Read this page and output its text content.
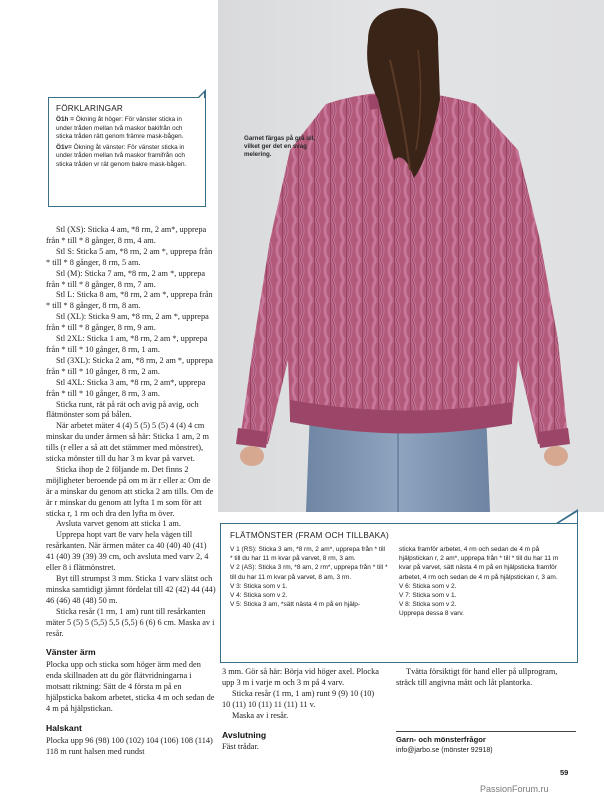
Garnet färgas på grå ull, vilket ger det en svag melering.
FÖRKLARINGAR
Ö1h = Ökning åt höger: För vänster sticka in under tråden mellan två maskor bakifrån och sticka tråden rätt genom främre mask-bågen.
Ö1v= Ökning åt vänster: För vänster sticka in under tråden mellan två maskor framifrån och sticka tråden vr rät genom bakre mask-bågen.

Stl (XS): Sticka 4 am, *8 rm, 2 am*, upprepa från * till * 8 gånger, 8 rm, 4 am.

Stl S: Sticka 5 am, *8 rm, 2 am *, upprepa från * till * 8 gånger, 8 rm, 5 am.

Stl (M): Sticka 7 am, *8 rm, 2 am *, upprepa från * till * 8 gånger, 8 rm, 7 am.

Stl L: Sticka 8 am, *8 rm, 2 am *, upprepa från * till * 8 gånger, 8 rm, 8 am.

Stl (XL): Sticka 9 am, *8 rm, 2 am *, upprepa från * till * 8 gånger, 8 rm, 9 am.

Stl 2XL: Sticka 1 am, *8 rm, 2 am *, upprepa från * till * 10 gånger, 8 rm, 1 am.

Stl (3XL): Sticka 2 am, *8 rm, 2 am *, upprepa från * till * 10 gånger, 8 rm, 2 am.

Stl 4XL: Sticka 3 am, *8 rm, 2 am*, upprepa från * till * 10 gånger, 8 rm, 3 am.

Sticka runt, rät på rät och avig på avig, och flätmönster som på bålen.

När arbetet mäter 4 (4) 5 (5) 5 (5) 4 (4) 4 cm minskar du under ärmen så här: Sticka 1 am, 2 m tills (r eller a så att det stämmer med mönstret), sticka mönster till du har 3 m kvar på varvet.

Sticka ihop de 2 följande m. Det finns 2 möjligheter beroende på om m är r eller a: Om de är a minskar du genom att sticka 2 am tills. Om de är r minskar du genom att lyfta 1 m som för att sticka r, 1 rm och dra den lyfta m över.

Avsluta varvet genom att sticka 1 am.

Upprepa hopt vart 8e varv hela vägen till resårkanten. När ärmen mäter ca 40 (40) 40 (41) 41 (40) 39 (39) 39 cm, och avsluta med varv 2, 4 eller 8 i flätmönstret.

Byt till strumpst 3 mm. Sticka 1 varv slätst och minska samtidigt jämnt fördelat till 42 (42) 44 (44) 46 (46) 48 (48) 50 m.

Sticka resår (1 rm, 1 am) runt till resårkanten mäter 5 (5) 5 (5,5) 5,5 (5,5) 6 (6) 6 cm. Maska av i resår.

Vänster ärm

Plocka upp och sticka som höger ärm med den enda skillnaden att du gör flätvridningarna i motsatt riktning: Sätt de 4 första m på en hjälpsticka bakom arbetet, sticka 4 m och sedan de 4 m på hjälpstickan.

Halskant

Plocka upp 96 (98) 100 (102) 104 (106) 108 (114) 118 m runt halsen med rundst

FLÄTMÖNSTER (FRAM OCH TILLBAKA)

V 1 (RS): Sticka 3 am, *8 rm, 2 am*, upprepa från * till * till du har 11 m kvar på varvet, 8 rm, 3 am.

V 2 (AS): Sticka 3 rm, *8 am, 2 rm*, upprepa från * till * till du har 11 m kvar på varvet, 8 am, 3 rm.

V 3: Sticka som v 1.

V 4: Sticka som v 2.

V 5: Sticka 3 am, *sätt nästa 4 m på en hjälp-

sticka framför arbetet, 4 rm och sedan de 4 m på hjälpstickan r, 2 am*, upprepa från * till * till du har 11 m kvar på varvet, sätt nästa 4 m på en hjälpsticka framför arbetet, 4 rm och sedan de 4 m på hjälpstickan r, 3 am.

V 6: Sticka som v 2.

V 7: Sticka som v 1.

V 8: Sticka som v 2.

Upprepa dessa 8 varv.

3 mm. Gör så här: Börja vid höger axel. Plocka upp 3 m i varje m och 3 m på 4 varv.

Sticka resår (1 rm, 1 am) runt 9 (9) 10 (10) 10 (11) 10 (11) 11 (11) 11 v.

Maska av i resår.

Avslutning

Fäst trådar.

Tvätta försiktigt för hand eller på ullprogram, sträck till angivna mått och låt plantorka.

Garn- och mönsterfrågor
info@jarbo.se (mönster 92918)
59
PassionForum.ru
